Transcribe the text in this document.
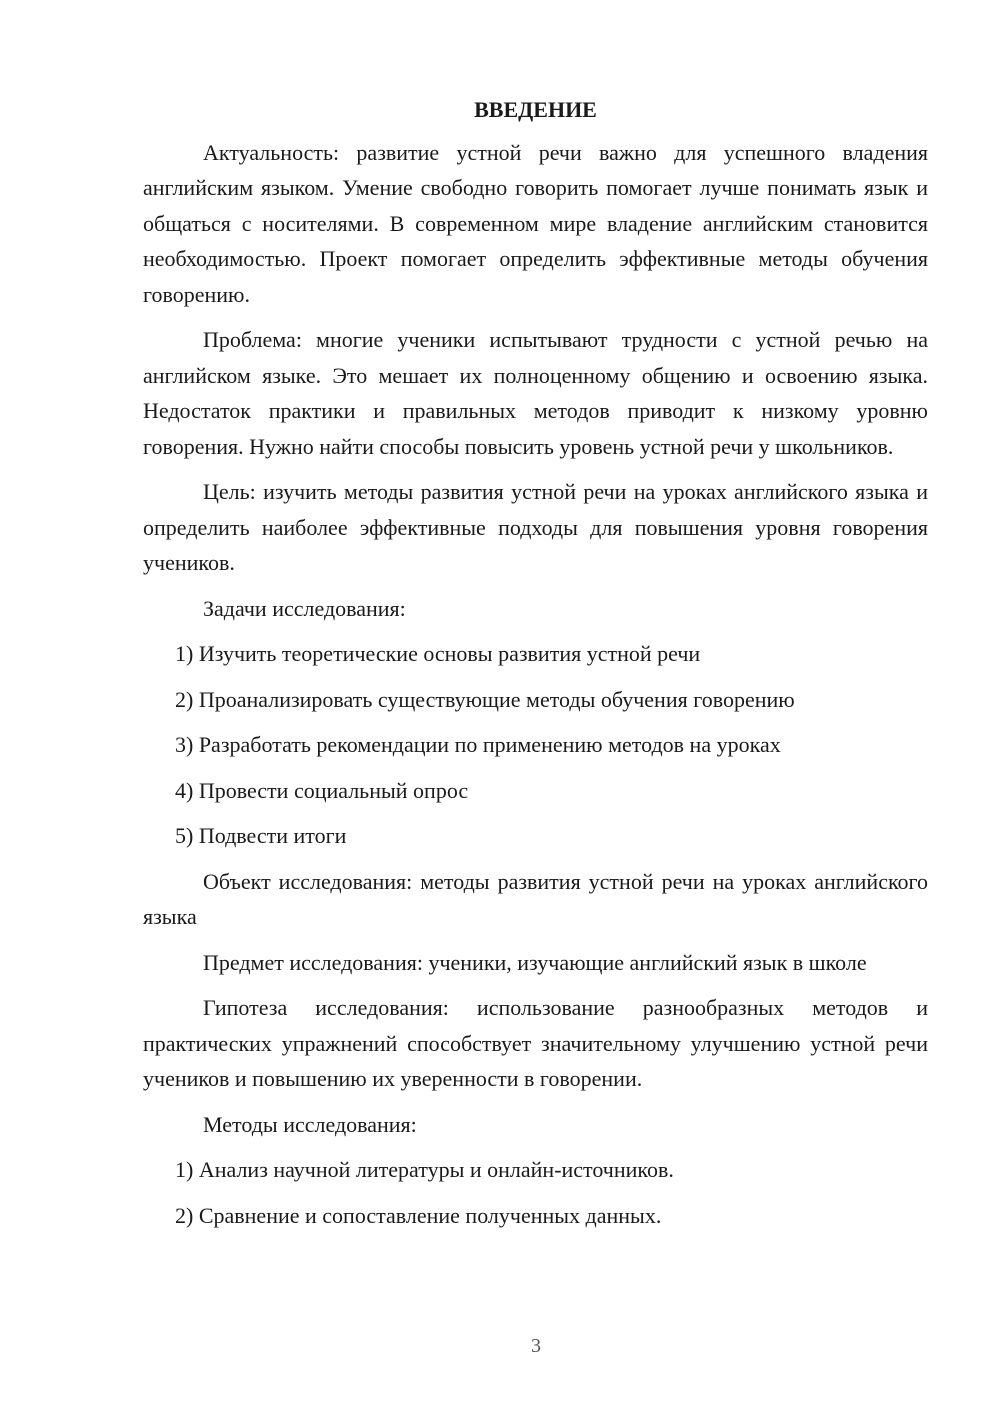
ВВЕДЕНИЕ

Актуальность: развитие устной речи важно для успешного владения английским языком. Умение свободно говорить помогает лучше понимать язык и общаться с носителями. В современном мире владение английским становится необходимостью. Проект помогает определить эффективные методы обучения говорению.

Проблема: многие ученики испытывают трудности с устной речью на английском языке. Это мешает их полноценному общению и освоению языка. Недостаток практики и правильных методов приводит к низкому уровню говорения. Нужно найти способы повысить уровень устной речи у школьников.

Цель: изучить методы развития устной речи на уроках английского языка и определить наиболее эффективные подходы для повышения уровня говорения учеников.

Задачи исследования:

1) Изучить теоретические основы развития устной речи

2) Проанализировать существующие методы обучения говорению

3) Разработать рекомендации по применению методов на уроках

4) Провести социальный опрос

5) Подвести итоги

Объект исследования: методы развития устной речи на уроках английского языка

Предмет исследования: ученики, изучающие английский язык в школе

Гипотеза исследования: использование разнообразных методов и практических упражнений способствует значительному улучшению устной речи учеников и повышению их уверенности в говорении.

Методы исследования:

1) Анализ научной литературы и онлайн-источников.

2) Сравнение и сопоставление полученных данных.

3
